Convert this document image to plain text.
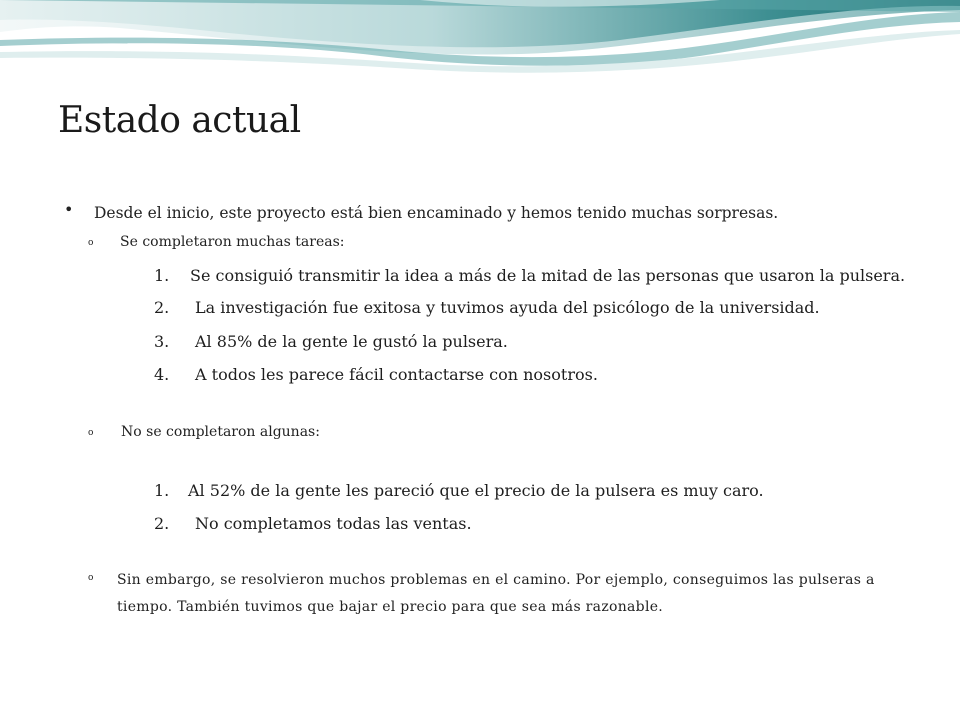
Estado actual
• Desde el inicio, este proyecto está bien encaminado y hemos tenido muchas sorpresas.
o Se completaron muchas tareas:
1. Se consiguió transmitir la idea a más de la mitad de las personas que usaron la pulsera.
2. La investigación fue exitosa y tuvimos ayuda del psicólogo de la universidad.
3. Al 85% de la gente le gustó la pulsera.
4. A todos les parece fácil contactarse con nosotros.
o No se completaron algunas:
1. Al 52% de la gente les pareció que el precio de la pulsera es muy caro.
2. No completamos todas las ventas.
o Sin embargo, se resolvieron muchos problemas en el camino. Por ejemplo, conseguimos las pulseras a tiempo. También tuvimos que bajar el precio para que sea más razonable.
